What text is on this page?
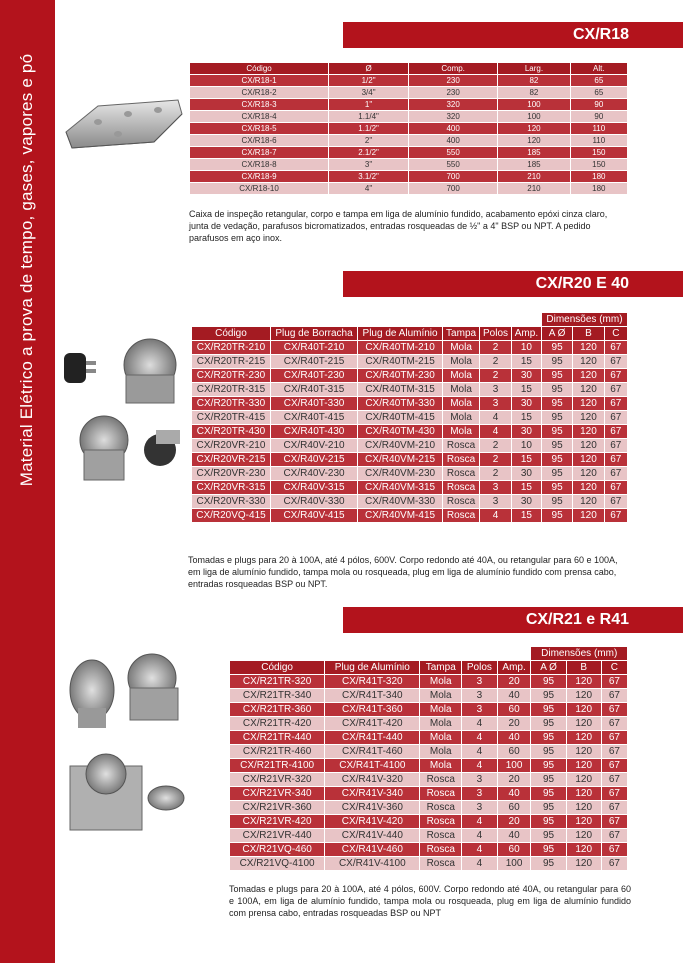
Material Elétrico a prova de tempo, gases, vapores e pó
CX/R18
Código	Ø	Comp.	Larg.	Alt.
CX/R18-1	1/2"	230	82	65
CX/R18-2	3/4"	230	82	65
CX/R18-3	1"	320	100	90
CX/R18-4	1.1/4"	320	100	90
CX/R18-5	1.1/2"	400	120	110
CX/R18-6	2"	400	120	110
CX/R18-7	2.1/2"	550	185	150
CX/R18-8	3"	550	185	150
CX/R18-9	3.1/2"	700	210	180
CX/R18-10	4"	700	210	180
Caixa de inspeção retangular, corpo e tampa em liga de alumínio fundido, acabamento epóxi cinza claro, junta de vedação, parafusos bicromatizados, entradas rosqueadas de ½" a 4" BSP ou NPT. A pedido parafusos em aço inox.
CX/R20 E 40
						Dimensões (mm)		
Código	Plug de Borracha	Plug de Alumínio	Tampa	Polos	Amp.	A Ø	B	C
CX/R20TR-210	CX/R40T-210	CX/R40TM-210	Mola	2	10	95	120	67
CX/R20TR-215	CX/R40T-215	CX/R40TM-215	Mola	2	15	95	120	67
CX/R20TR-230	CX/R40T-230	CX/R40TM-230	Mola	2	30	95	120	67
CX/R20TR-315	CX/R40T-315	CX/R40TM-315	Mola	3	15	95	120	67
CX/R20TR-330	CX/R40T-330	CX/R40TM-330	Mola	3	30	95	120	67
CX/R20TR-415	CX/R40T-415	CX/R40TM-415	Mola	4	15	95	120	67
CX/R20TR-430	CX/R40T-430	CX/R40TM-430	Mola	4	30	95	120	67
CX/R20VR-210	CX/R40V-210	CX/R40VM-210	Rosca	2	10	95	120	67
CX/R20VR-215	CX/R40V-215	CX/R40VM-215	Rosca	2	15	95	120	67
CX/R20VR-230	CX/R40V-230	CX/R40VM-230	Rosca	2	30	95	120	67
CX/R20VR-315	CX/R40V-315	CX/R40VM-315	Rosca	3	15	95	120	67
CX/R20VR-330	CX/R40V-330	CX/R40VM-330	Rosca	3	30	95	120	67
CX/R20VQ-415	CX/R40V-415	CX/R40VM-415	Rosca	4	15	95	120	67
Tomadas e plugs para 20 à 100A, até 4 pólos, 600V. Corpo redondo até 40A, ou retangular para 60 e 100A, em liga de alumínio fundido, tampa mola ou rosqueada, plug em liga de alumínio fundido com prensa cabo, entradas rosqueadas BSP ou NPT.
CX/R21 e R41
					Dimensões (mm)		
Código	Plug de Alumínio	Tampa	Polos	Amp.	A Ø	B	C
CX/R21TR-320	CX/R41T-320	Mola	3	20	95	120	67
CX/R21TR-340	CX/R41T-340	Mola	3	40	95	120	67
CX/R21TR-360	CX/R41T-360	Mola	3	60	95	120	67
CX/R21TR-420	CX/R41T-420	Mola	4	20	95	120	67
CX/R21TR-440	CX/R41T-440	Mola	4	40	95	120	67
CX/R21TR-460	CX/R41T-460	Mola	4	60	95	120	67
CX/R21TR-4100	CX/R41T-4100	Mola	4	100	95	120	67
CX/R21VR-320	CX/R41V-320	Rosca	3	20	95	120	67
CX/R21VR-340	CX/R41V-340	Rosca	3	40	95	120	67
CX/R21VR-360	CX/R41V-360	Rosca	3	60	95	120	67
CX/R21VR-420	CX/R41V-420	Rosca	4	20	95	120	67
CX/R21VR-440	CX/R41V-440	Rosca	4	40	95	120	67
CX/R21VQ-460	CX/R41V-460	Rosca	4	60	95	120	67
CX/R21VQ-4100	CX/R41V-4100	Rosca	4	100	95	120	67
Tomadas e plugs para 20 à 100A, até 4 pólos, 600V. Corpo redondo até 40A, ou retangular para 60 e 100A, em liga de alumínio fundido, tampa mola ou rosqueada, plug em liga de alumínio fundido com prensa cabo, entradas rosqueadas BSP ou NPT
